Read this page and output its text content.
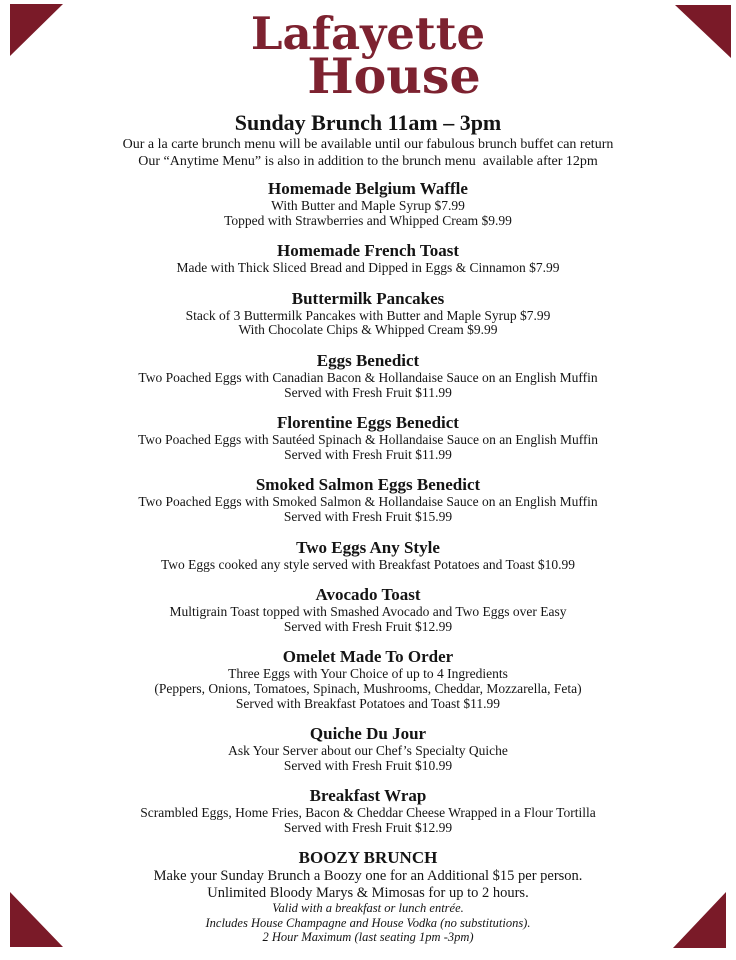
Lafayette
House
Sunday Brunch 11am – 3pm
Our a la carte brunch menu will be available until our fabulous brunch buffet can return
Our “Anytime Menu” is also in addition to the brunch menu  available after 12pm
Homemade Belgium Waffle

With Butter and Maple Syrup $7.99

Topped with Strawberries and Whipped Cream $9.99

Homemade French Toast

Made with Thick Sliced Bread and Dipped in Eggs & Cinnamon $7.99

Buttermilk Pancakes

Stack of 3 Buttermilk Pancakes with Butter and Maple Syrup $7.99

With Chocolate Chips & Whipped Cream $9.99

Eggs Benedict

Two Poached Eggs with Canadian Bacon & Hollandaise Sauce on an English Muffin

Served with Fresh Fruit $11.99

Florentine Eggs Benedict

Two Poached Eggs with Sautéed Spinach & Hollandaise Sauce on an English Muffin

Served with Fresh Fruit $11.99

Smoked Salmon Eggs Benedict

Two Poached Eggs with Smoked Salmon & Hollandaise Sauce on an English Muffin

Served with Fresh Fruit $15.99

Two Eggs Any Style

Two Eggs cooked any style served with Breakfast Potatoes and Toast $10.99

Avocado Toast

Multigrain Toast topped with Smashed Avocado and Two Eggs over Easy

Served with Fresh Fruit $12.99

Omelet Made To Order

Three Eggs with Your Choice of up to 4 Ingredients

(Peppers, Onions, Tomatoes, Spinach, Mushrooms, Cheddar, Mozzarella, Feta)

Served with Breakfast Potatoes and Toast $11.99

Quiche Du Jour

Ask Your Server about our Chef’s Specialty Quiche

Served with Fresh Fruit $10.99

Breakfast Wrap

Scrambled Eggs, Home Fries, Bacon & Cheddar Cheese Wrapped in a Flour Tortilla

Served with Fresh Fruit $12.99

BOOZY BRUNCH

Make your Sunday Brunch a Boozy one for an Additional $15 per person.

Unlimited Bloody Marys & Mimosas for up to 2 hours.

Valid with a breakfast or lunch entrée.

Includes House Champagne and House Vodka (no substitutions).

2 Hour Maximum (last seating 1pm -3pm)
